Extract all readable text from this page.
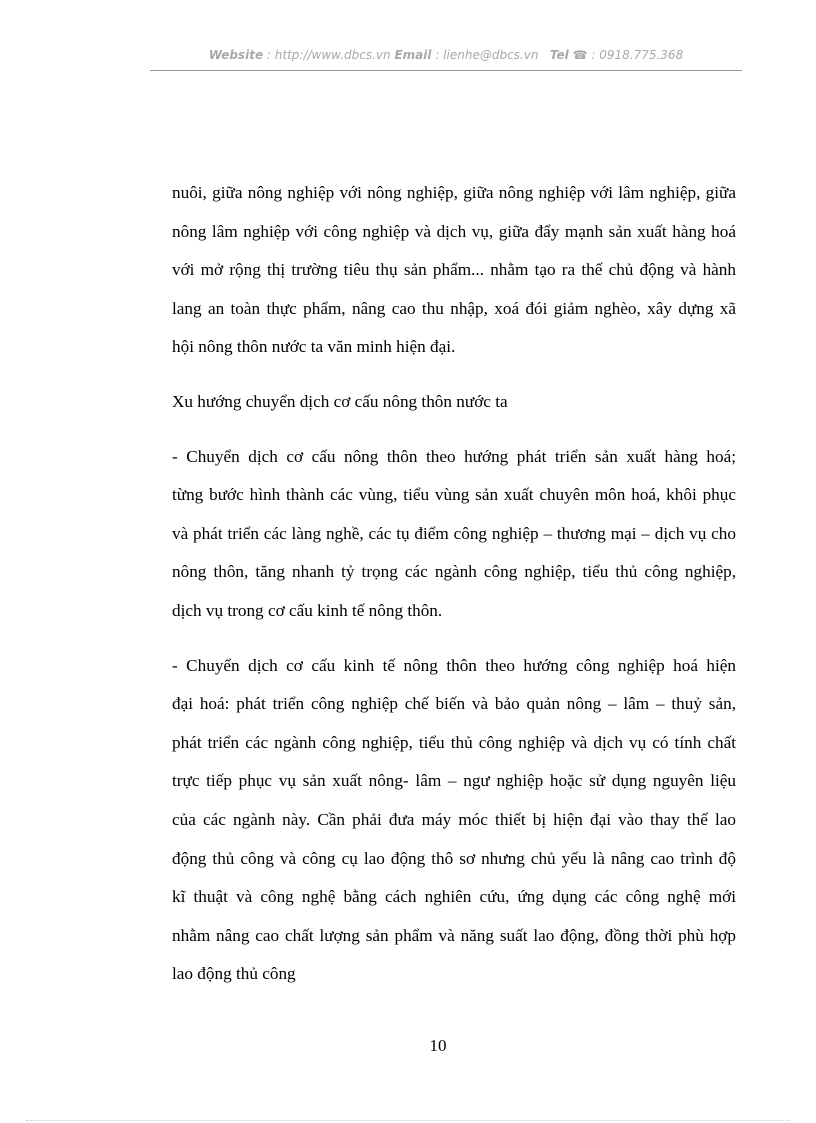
Website : http://www.dbcs.vn Email : lienhe@dbcs.vn Tel ☎ : 0918.775.368
nuôi, giữa nông nghiệp với nông nghiệp, giữa nông nghiệp với lâm nghiệp, giữa
nông lâm nghiệp với công nghiệp và dịch vụ, giữa đẩy mạnh sản xuất hàng hoá
với mở rộng thị trường tiêu thụ sản phẩm... nhằm tạo ra thế chủ động và hành
lang an toàn thực phẩm, nâng cao thu nhập, xoá đói giảm nghèo, xây dựng xã
hội nông thôn nước ta văn minh hiện đại.
Xu hướng chuyển dịch cơ cấu nông thôn nước ta
- Chuyển dịch cơ cấu nông thôn theo hướng phát triển sản xuất hàng hoá;
từng bước hình thành các vùng, tiểu vùng sản xuất chuyên môn hoá, khôi phục
và phát triển các làng nghề, các tụ điểm công nghiệp – thương mại – dịch vụ cho
nông thôn, tăng nhanh tỷ trọng các ngành công nghiệp, tiểu thủ công nghiệp,
dịch vụ trong cơ cấu kinh tế nông thôn.
- Chuyển dịch cơ cấu kinh tế nông thôn theo hướng công nghiệp hoá hiện
đại hoá: phát triển công nghiệp chế biến và bảo quản nông – lâm – thuỷ sản,
phát triển các ngành công nghiệp, tiểu thủ công nghiệp và dịch vụ có tính chất
trực tiếp phục vụ sản xuất nông- lâm – ngư nghiệp hoặc sử dụng nguyên liệu
của các ngành này. Cần phải đưa máy móc thiết bị hiện đại vào thay thế lao
động thủ công và công cụ lao động thô sơ nhưng chủ yếu là nâng cao trình độ
kĩ thuật và công nghệ bằng cách nghiên cứu, ứng dụng các công nghệ mới
nhằm nâng cao chất lượng sản phẩm và năng suất lao động, đồng thời phù hợp
lao động thủ công
10
